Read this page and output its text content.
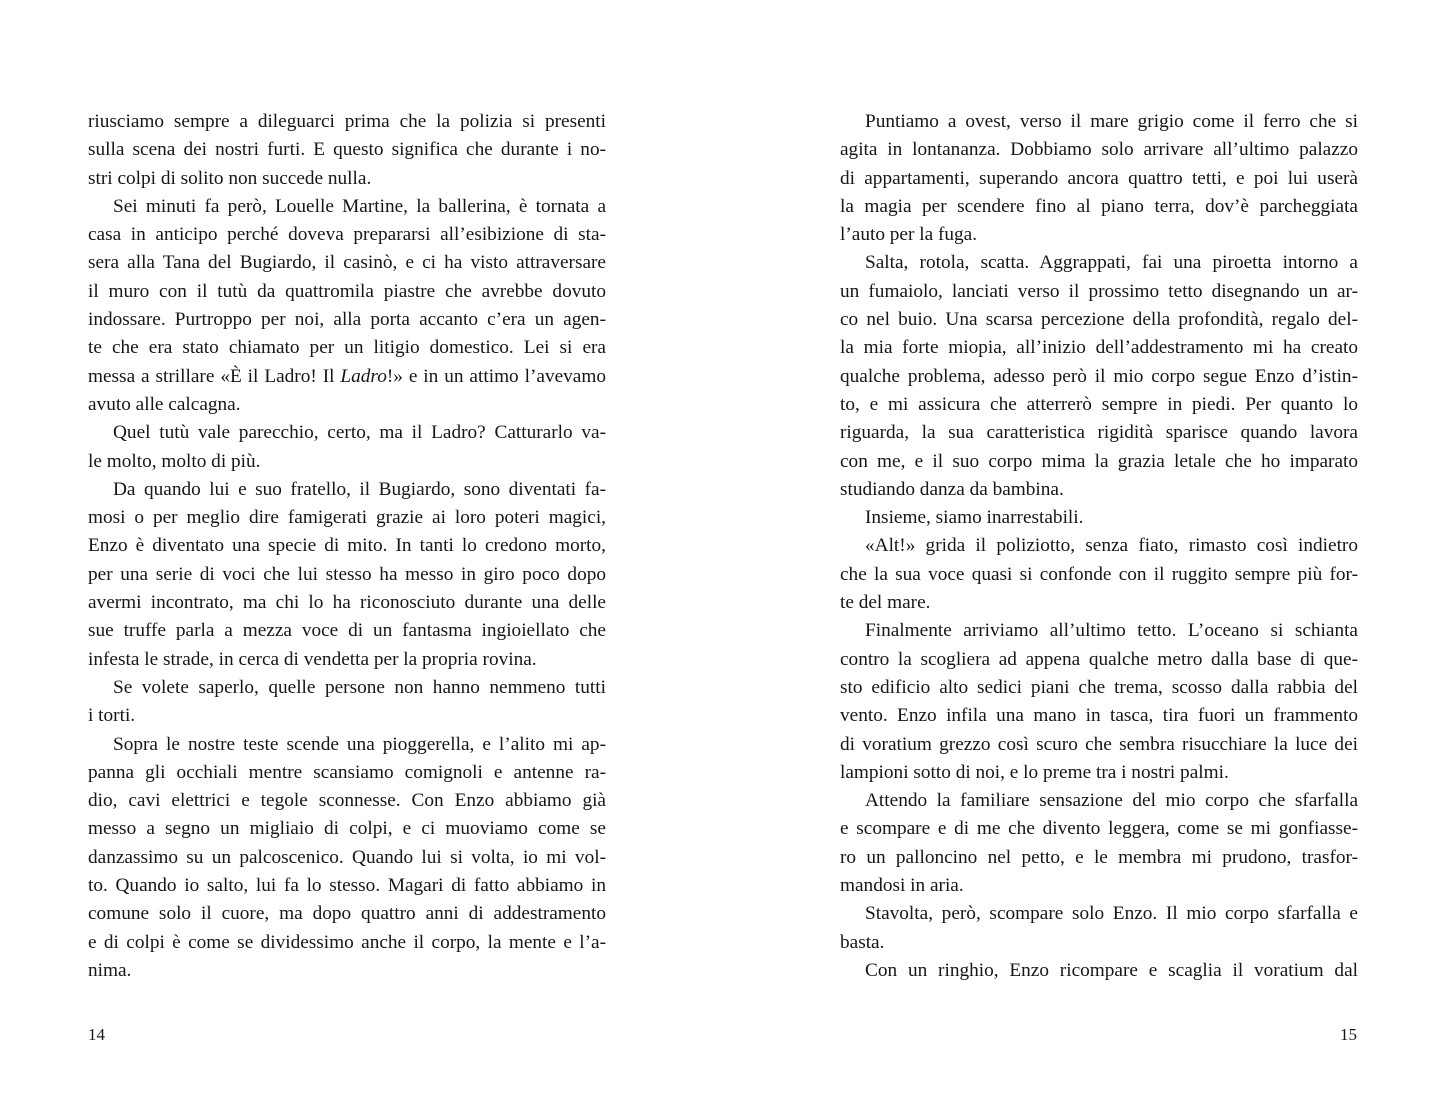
riusciamo sempre a dileguarci prima che la polizia si presenti
sulla scena dei nostri furti. E questo significa che durante i no-
stri colpi di solito non succede nulla.

Sei minuti fa però, Louelle Martine, la ballerina, è tornata a
casa in anticipo perché doveva prepararsi all’esibizione di sta-
sera alla Tana del Bugiardo, il casinò, e ci ha visto attraversare
il muro con il tutù da quattromila piastre che avrebbe dovuto
indossare. Purtroppo per noi, alla porta accanto c’era un agen-
te che era stato chiamato per un litigio domestico. Lei si era
messa a strillare «È il Ladro! Il Ladro!» e in un attimo l’avevamo
avuto alle calcagna.

Quel tutù vale parecchio, certo, ma il Ladro? Catturarlo va-
le molto, molto di più.

Da quando lui e suo fratello, il Bugiardo, sono diventati fa-
mosi o per meglio dire famigerati grazie ai loro poteri magici,
Enzo è diventato una specie di mito. In tanti lo credono morto,
per una serie di voci che lui stesso ha messo in giro poco dopo
avermi incontrato, ma chi lo ha riconosciuto durante una delle
sue truffe parla a mezza voce di un fantasma ingioiellato che
infesta le strade, in cerca di vendetta per la propria rovina.

Se volete saperlo, quelle persone non hanno nemmeno tutti
i torti.

Sopra le nostre teste scende una pioggerella, e l’alito mi ap-
panna gli occhiali mentre scansiamo comignoli e antenne ra-
dio, cavi elettrici e tegole sconnesse. Con Enzo abbiamo già
messo a segno un migliaio di colpi, e ci muoviamo come se
danzassimo su un palcoscenico. Quando lui si volta, io mi vol-
to. Quando io salto, lui fa lo stesso. Magari di fatto abbiamo in
comune solo il cuore, ma dopo quattro anni di addestramento
e di colpi è come se dividessimo anche il corpo, la mente e l’a-
nima.

Puntiamo a ovest, verso il mare grigio come il ferro che si
agita in lontananza. Dobbiamo solo arrivare all’ultimo palazzo
di appartamenti, superando ancora quattro tetti, e poi lui userà
la magia per scendere fino al piano terra, dov’è parcheggiata
l’auto per la fuga.

Salta, rotola, scatta. Aggrappati, fai una piroetta intorno a
un fumaiolo, lanciati verso il prossimo tetto disegnando un ar-
co nel buio. Una scarsa percezione della profondità, regalo del-
la mia forte miopia, all’inizio dell’addestramento mi ha creato
qualche problema, adesso però il mio corpo segue Enzo d’istin-
to, e mi assicura che atterrerò sempre in piedi. Per quanto lo
riguarda, la sua caratteristica rigidità sparisce quando lavora
con me, e il suo corpo mima la grazia letale che ho imparato
studiando danza da bambina.

Insieme, siamo inarrestabili.

«Alt!» grida il poliziotto, senza fiato, rimasto così indietro
che la sua voce quasi si confonde con il ruggito sempre più for-
te del mare.

Finalmente arriviamo all’ultimo tetto. L’oceano si schianta
contro la scogliera ad appena qualche metro dalla base di que-
sto edificio alto sedici piani che trema, scosso dalla rabbia del
vento. Enzo infila una mano in tasca, tira fuori un frammento
di voratium grezzo così scuro che sembra risucchiare la luce dei
lampioni sotto di noi, e lo preme tra i nostri palmi.

Attendo la familiare sensazione del mio corpo che sfarfalla
e scompare e di me che divento leggera, come se mi gonfiasse-
ro un palloncino nel petto, e le membra mi prudono, trasfor-
mandosi in aria.

Stavolta, però, scompare solo Enzo. Il mio corpo sfarfalla e
basta.

Con un ringhio, Enzo ricompare e scaglia il voratium dal

14	15
